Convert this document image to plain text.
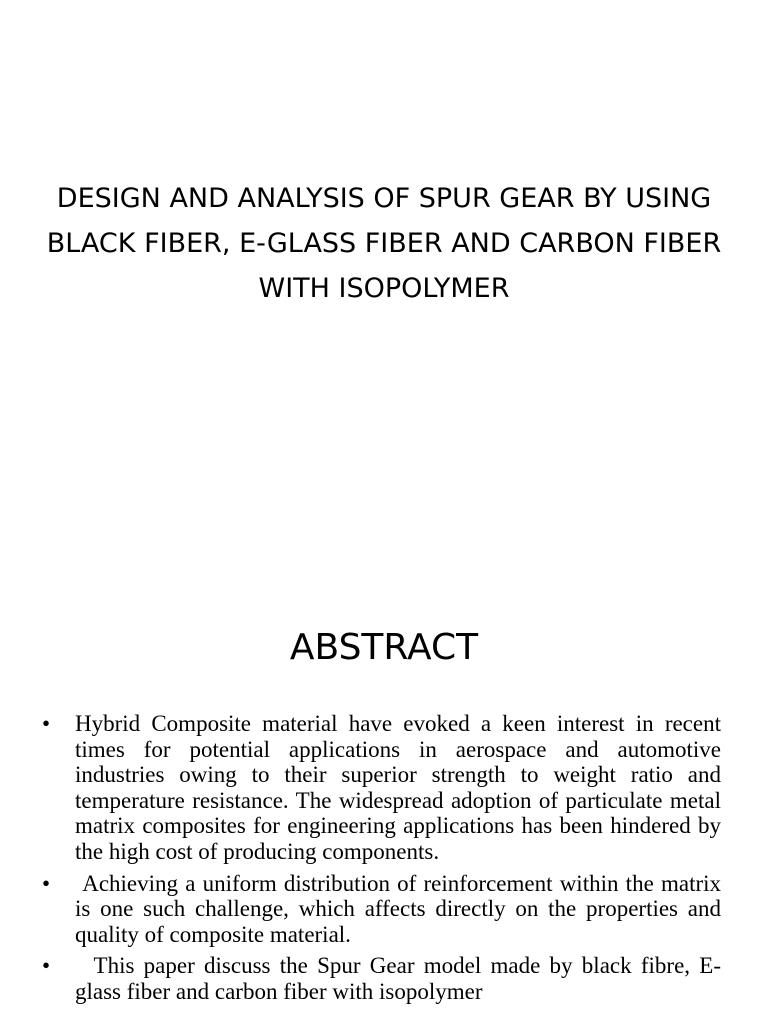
DESIGN AND ANALYSIS OF SPUR GEAR BY USING BLACK FIBER, E-GLASS FIBER AND CARBON FIBER WITH ISOPOLYMER
ABSTRACT
• Hybrid Composite material have evoked a keen interest in recent times for potential applications in aerospace and automotive industries owing to their superior strength to weight ratio and temperature resistance. The widespread adoption of particulate metal matrix composites for engineering applications has been hindered by the high cost of producing components.
• Achieving a uniform distribution of reinforcement within the matrix is one such challenge, which affects directly on the properties and quality of composite material.
• This paper discuss the Spur Gear model made by black fibre, E-glass fiber and carbon fiber with isopolymer
